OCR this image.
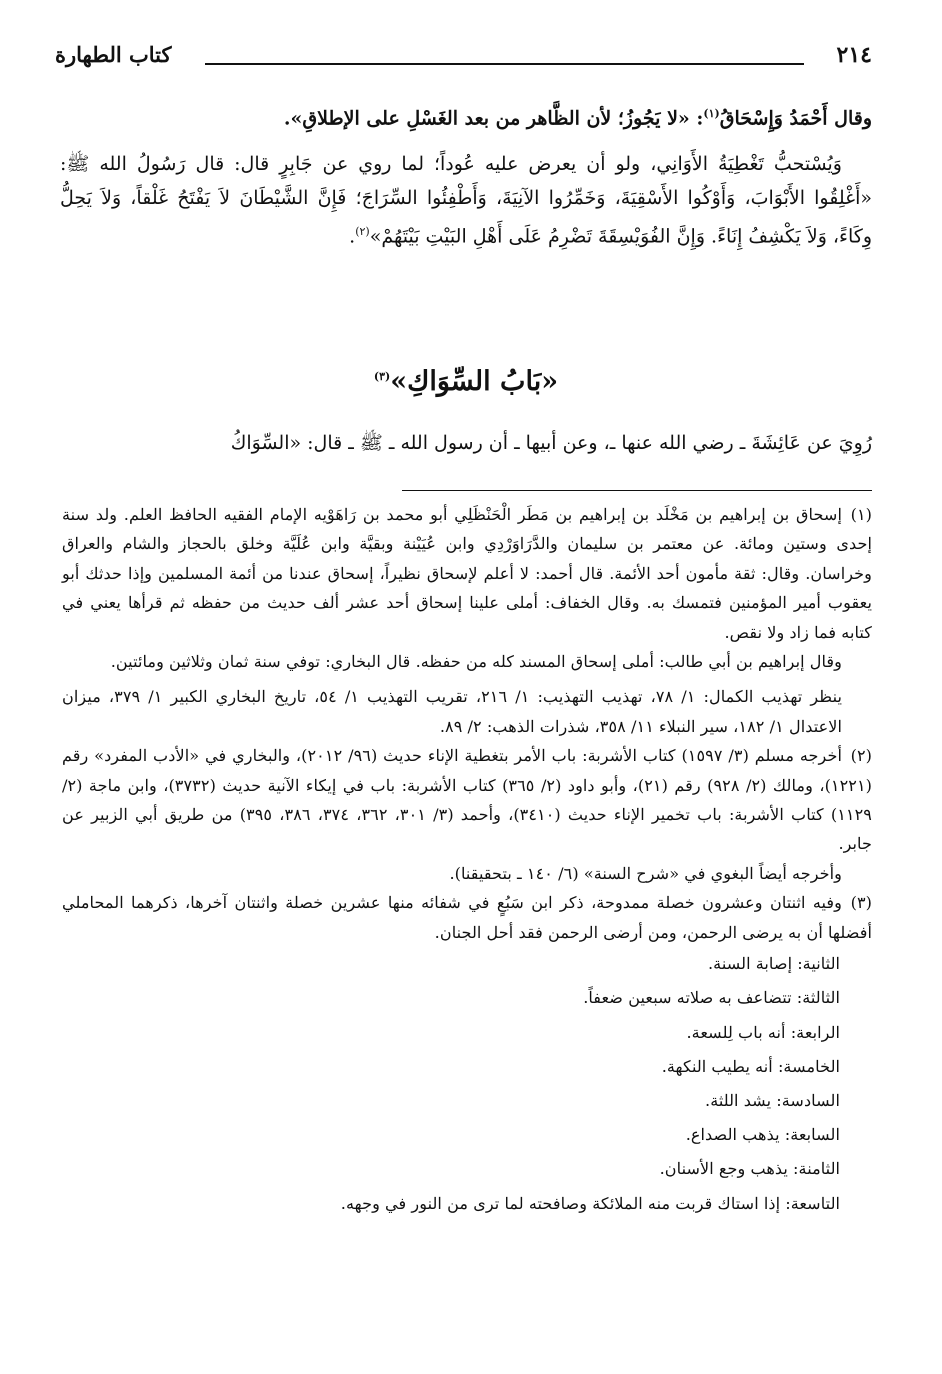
٢١٤
كتاب الطهارة
وقال أَحْمَدُ وَإِسْحَاقُ$^{(١)}$: «لا يَجُوزُ؛ لأن الظَّاهر من بعد الغَسْلِ على الإطلاقِ».
وَيُسْتحبُّ تَغْطِيَةُ الأَوَانِي، ولو أن يعرض عليه عُوداً؛ لما روي عن جَابِرٍ قال: قال رَسُولُ الله ﷺ: «أَغْلِقُوا الأَبْوَابَ، وَأَوْكُوا الأَسْقِيَةَ، وَخَمِّرُوا الآنِيَةَ، وَأَطْفِئُوا السِّرَاجَ؛ فَإِنَّ الشَّيْطَانَ لاَ يَفْتَحُ غَلْقاً، وَلاَ يَحِلُّ وِكَاءً، وَلاَ يَكْشِفُ إِنَاءً. وَإِنَّ الفُوَيْسِقَةَ تَضْرِمُ عَلَى أَهْلِ البَيْتِ بَيْتَهُمْ»$^{(٢)}$.
«بَابُ السِّوَاكِ»$^{(٣)}$
رُوِيَ عن عَائِشَةَ ـ رضي الله عنها ـ، وعن أبيها ـ أن رسول الله ـ ﷺ ـ قال: «السِّوَاكُ

(١)إسحاق بن إبراهيم بن مَخْلَد بن إبراهيم بن مَطَر الْحَنْظَلِي أبو محمد بن رَاهَوْيه الإمام الفقيه الحافظ العلم. ولد سنة إحدى وستين ومائة. عن معتمر بن سليمان والدَّرَاوَرْدِي وابن عُيَيْنة وبقيَّة وابن عُلَيَّة وخلق بالحجاز والشام والعراق وخراسان. وقال: ثقة مأمون أحد الأئمة. قال أحمد: لا أعلم لإسحاق نظيراً، إسحاق عندنا من أئمة المسلمين وإذا حدثك أبو يعقوب أمير المؤمنين فتمسك به. وقال الخفاف: أملى علينا إسحاق أحد عشر ألف حديث من حفظه ثم قرأها يعني في كتابه فما زاد ولا نقص.

وقال إبراهيم بن أبي طالب: أملى إسحاق المسند كله من حفظه. قال البخاري: توفي سنة ثمان وثلاثين ومائتين.

ينظر تهذيب الكمال: ١/ ٧٨، تهذيب التهذيب: ١/ ٢١٦، تقريب التهذيب ١/ ٥٤، تاريخ البخاري الكبير ١/ ٣٧٩، ميزان الاعتدال ١/ ١٨٢، سير النبلاء ١١/ ٣٥٨، شذرات الذهب: ٢/ ٨٩.

(٢)أخرجه مسلم (٣/ ١٥٩٧) كتاب الأشربة: باب الأمر بتغطية الإناء حديث (٩٦/ ٢٠١٢)، والبخاري في «الأدب المفرد» رقم (١٢٢١)، ومالك (٢/ ٩٢٨) رقم (٢١)، وأبو داود (٢/ ٣٦٥) كتاب الأشربة: باب في إيكاء الآنية حديث (٣٧٣٢)، وابن ماجة (٢/ ١١٢٩) كتاب الأشربة: باب تخمير الإناء حديث (٣٤١٠)، وأحمد (٣/ ٣٠١، ٣٦٢، ٣٧٤، ٣٨٦، ٣٩٥) من طريق أبي الزبير عن جابر.

وأخرجه أيضاً البغوي في «شرح السنة» (٦/ ١٤٠ ـ بتحقيقنا).

(٣)وفيه اثنتان وعشرون خصلة ممدوحة، ذكر ابن سَبُعٍ في شفائه منها عشرين خصلة واثنتان آخرها، ذكرهما المحاملي أفضلها أن به يرضى الرحمن، ومن أرضى الرحمن فقد أحل الجنان.

الثانية: إصابة السنة.
الثالثة: تتضاعف به صلاته سبعين ضعفاً.
الرابعة: أنه باب لِلسعة.
الخامسة: أنه يطيب النكهة.
السادسة: يشد اللثة.
السابعة: يذهب الصداع.
الثامنة: يذهب وجع الأسنان.
التاسعة: إذا استاك قربت منه الملائكة وصافحته لما ترى من النور في وجهه.
